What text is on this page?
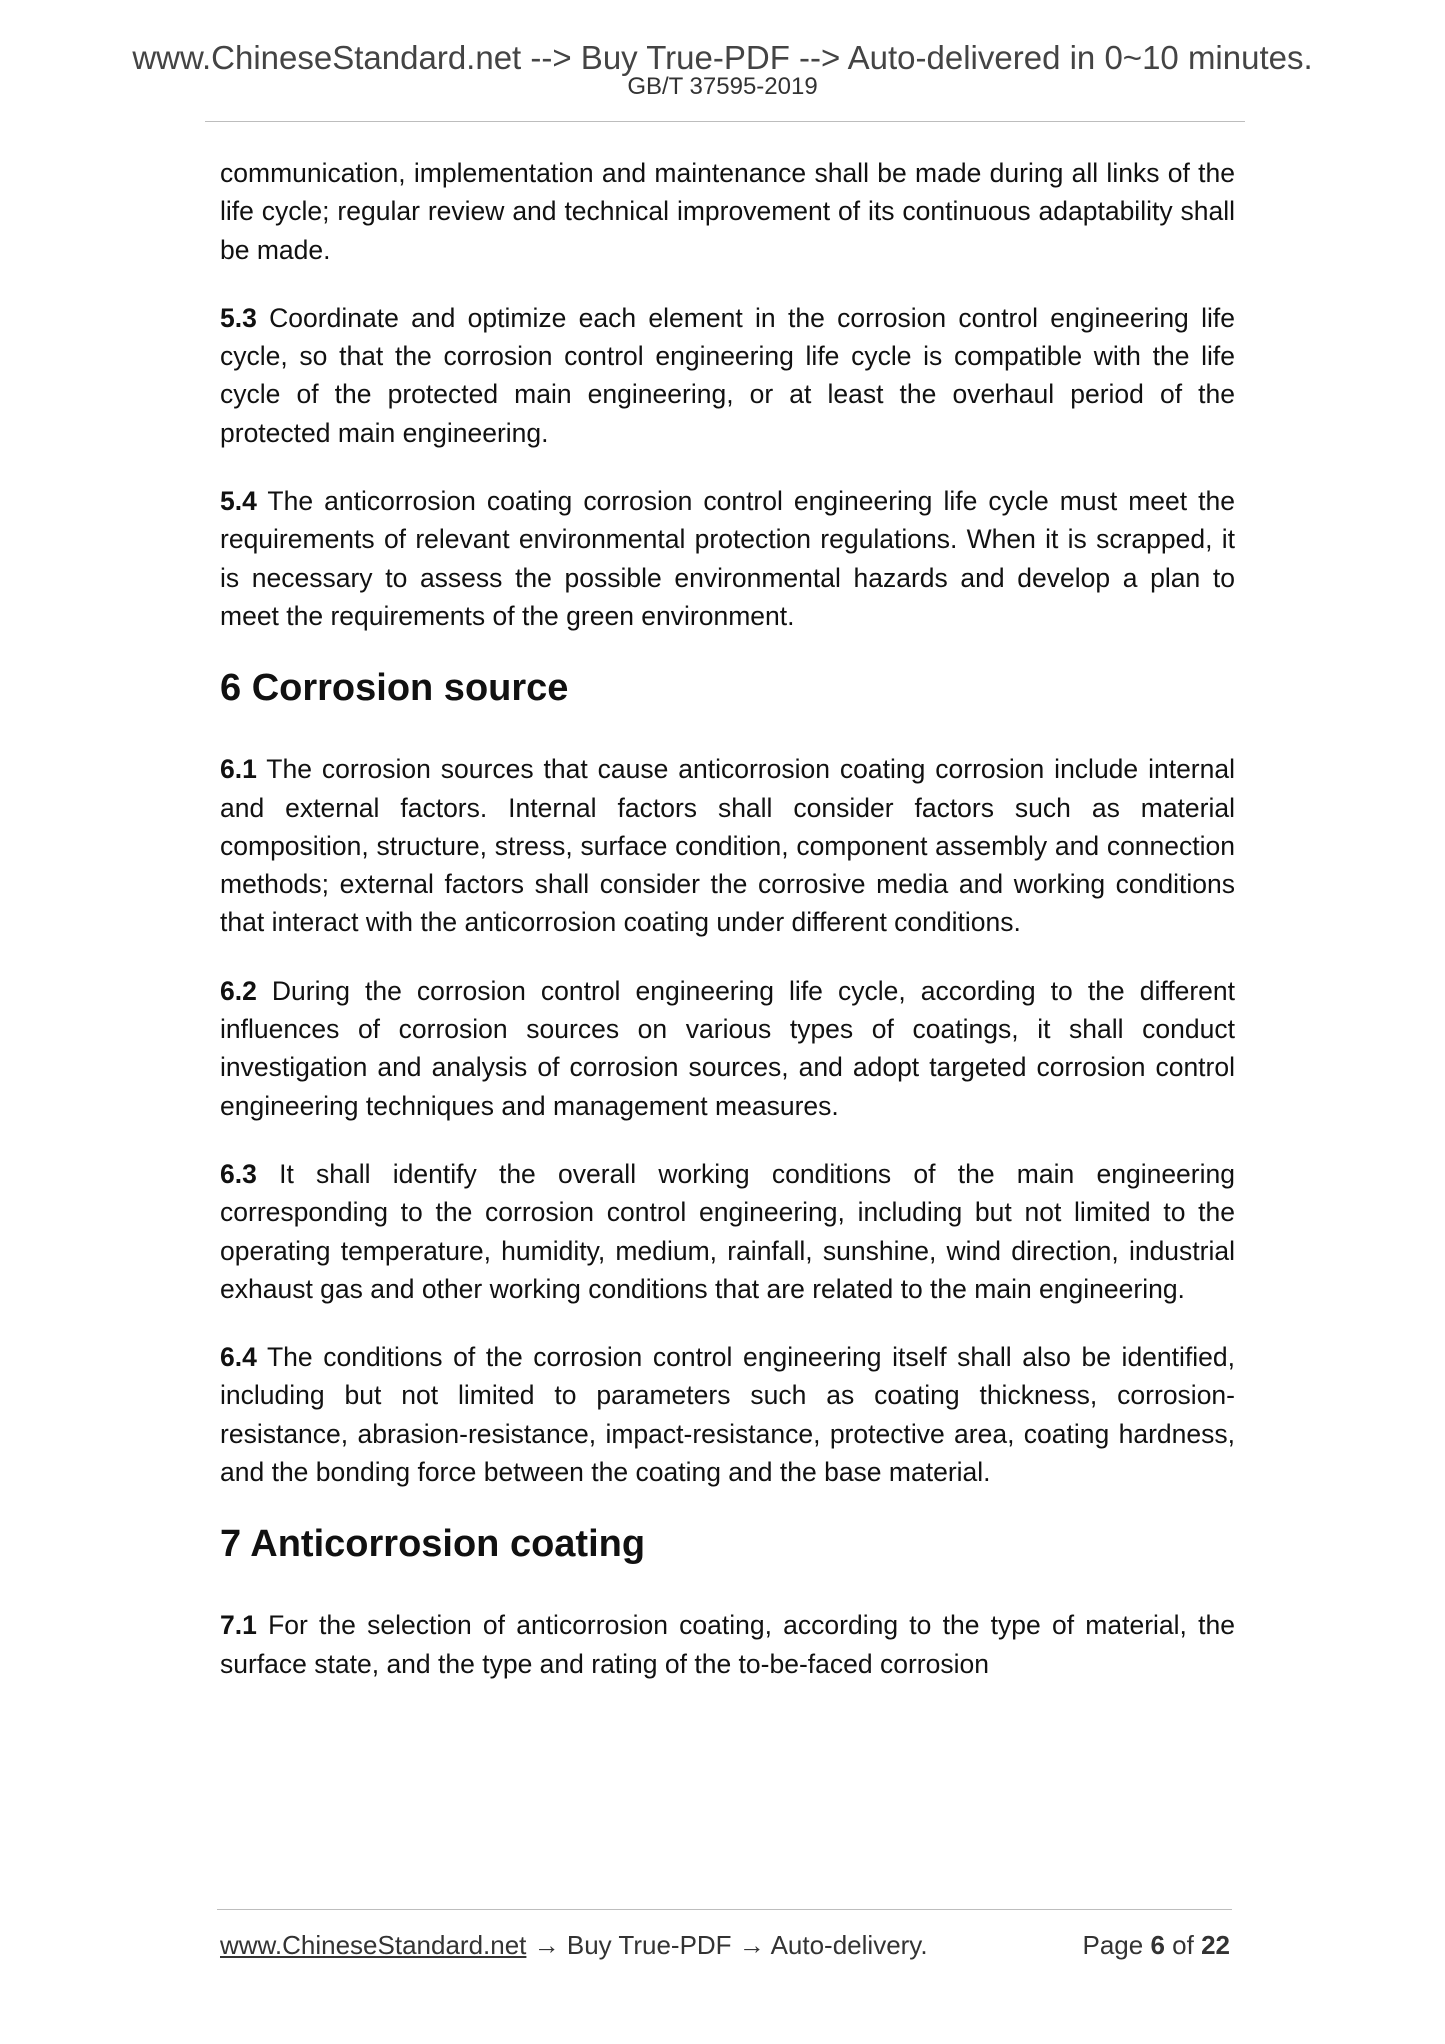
www.ChineseStandard.net --> Buy True-PDF --> Auto-delivered in 0~10 minutes.
GB/T 37595-2019

communication, implementation and maintenance shall be made during all links of the life cycle; regular review and technical improvement of its continuous adaptability shall be made.

5.3 Coordinate and optimize each element in the corrosion control engineering life cycle, so that the corrosion control engineering life cycle is compatible with the life cycle of the protected main engineering, or at least the overhaul period of the protected main engineering.

5.4 The anticorrosion coating corrosion control engineering life cycle must meet the requirements of relevant environmental protection regulations. When it is scrapped, it is necessary to assess the possible environmental hazards and develop a plan to meet the requirements of the green environment.

6 Corrosion source

6.1 The corrosion sources that cause anticorrosion coating corrosion include internal and external factors. Internal factors shall consider factors such as material composition, structure, stress, surface condition, component assembly and connection methods; external factors shall consider the corrosive media and working conditions that interact with the anticorrosion coating under different conditions.

6.2 During the corrosion control engineering life cycle, according to the different influences of corrosion sources on various types of coatings, it shall conduct investigation and analysis of corrosion sources, and adopt targeted corrosion control engineering techniques and management measures.

6.3 It shall identify the overall working conditions of the main engineering corresponding to the corrosion control engineering, including but not limited to the operating temperature, humidity, medium, rainfall, sunshine, wind direction, industrial exhaust gas and other working conditions that are related to the main engineering.

6.4 The conditions of the corrosion control engineering itself shall also be identified, including but not limited to parameters such as coating thickness, corrosion-resistance, abrasion-resistance, impact-resistance, protective area, coating hardness, and the bonding force between the coating and the base material.

7 Anticorrosion coating

7.1 For the selection of anticorrosion coating, according to the type of material, the surface state, and the type and rating of the to-be-faced corrosion

www.ChineseStandard.net → Buy True-PDF → Auto-delivery.	Page 6 of 22
